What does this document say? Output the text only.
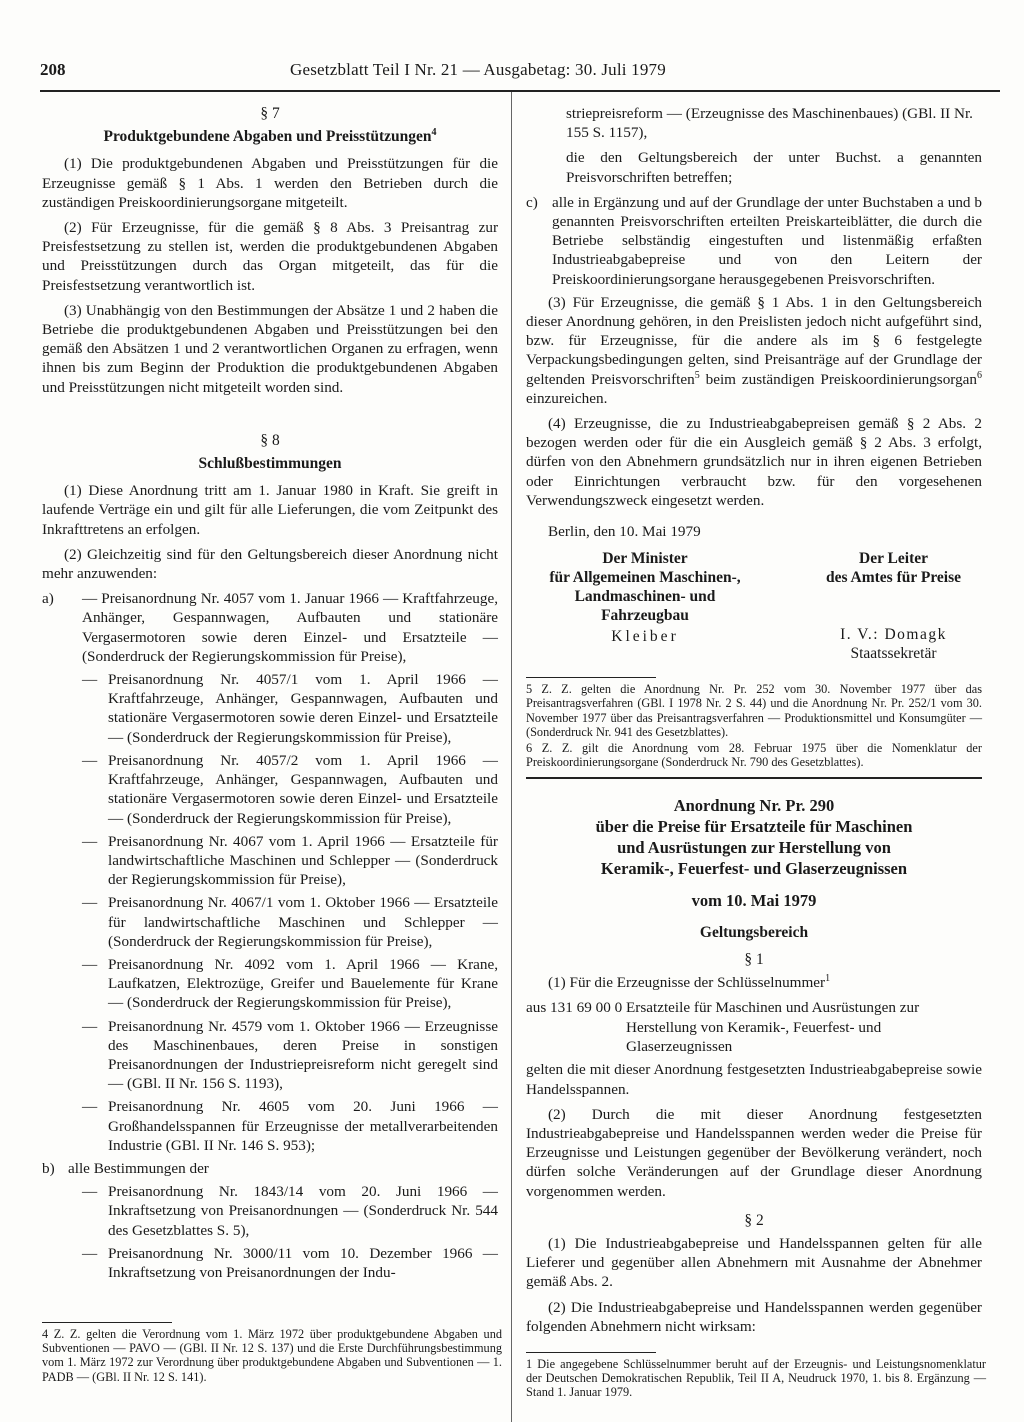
208	Gesetzblatt Teil I Nr. 21 — Ausgabetag: 30. Juli 1979
§ 7
Produktgebundene Abgaben und Preisstützungen$^4$

(1) Die produktgebundenen Abgaben und Preisstützungen für die Erzeugnisse gemäß § 1 Abs. 1 werden den Betrieben durch die zuständigen Preiskoordinierungsorgane mitgeteilt.

(2) Für Erzeugnisse, für die gemäß § 8 Abs. 3 Preisantrag zur Preisfestsetzung zu stellen ist, werden die produktgebundenen Abgaben und Preisstützungen durch das Organ mitgeteilt, das für die Preisfestsetzung verantwortlich ist.

(3) Unabhängig von den Bestimmungen der Absätze 1 und 2 haben die Betriebe die produktgebundenen Abgaben und Preisstützungen bei den gemäß den Absätzen 1 und 2 verantwortlichen Organen zu erfragen, wenn ihnen bis zum Beginn der Produktion die produktgebundenen Abgaben und Preisstützungen nicht mitgeteilt worden sind.

§ 8
Schlußbestimmungen

(1) Diese Anordnung tritt am 1. Januar 1980 in Kraft. Sie greift in laufende Verträge ein und gilt für alle Lieferungen, die vom Zeitpunkt des Inkrafttretens an erfolgen.

(2) Gleichzeitig sind für den Geltungsbereich dieser Anordnung nicht mehr anzuwenden:

a)	— Preisanordnung Nr. 4057 vom 1. Januar 1966 — Kraftfahrzeuge, Anhänger, Gespannwagen, Aufbauten und stationäre Vergasermotoren sowie deren Einzel- und Ersatzteile — (Sonderdruck der Regierungskommission für Preise),
— Preisanordnung Nr. 4057/1 vom 1. April 1966 — Kraftfahrzeuge, Anhänger, Gespannwagen, Aufbauten und stationäre Vergasermotoren sowie deren Einzel- und Ersatzteile — (Sonderdruck der Regierungskommission für Preise),
— Preisanordnung Nr. 4057/2 vom 1. April 1966 — Kraftfahrzeuge, Anhänger, Gespannwagen, Aufbauten und stationäre Vergasermotoren sowie deren Einzel- und Ersatzteile — (Sonderdruck der Regierungskommission für Preise),
— Preisanordnung Nr. 4067 vom 1. April 1966 — Ersatzteile für landwirtschaftliche Maschinen und Schlepper — (Sonderdruck der Regierungskommission für Preise),
— Preisanordnung Nr. 4067/1 vom 1. Oktober 1966 — Ersatzteile für landwirtschaftliche Maschinen und Schlepper — (Sonderdruck der Regierungskommission für Preise),
— Preisanordnung Nr. 4092 vom 1. April 1966 — Krane, Laufkatzen, Elektrozüge, Greifer und Bauelemente für Krane — (Sonderdruck der Regierungskommission für Preise),
— Preisanordnung Nr. 4579 vom 1. Oktober 1966 — Erzeugnisse des Maschinenbaues, deren Preise in sonstigen Preisanordnungen der Industriepreisreform nicht geregelt sind — (GBl. II Nr. 156 S. 1193),
— Preisanordnung Nr. 4605 vom 20. Juni 1966 — Großhandelsspannen für Erzeugnisse der metallverarbeitenden Industrie (GBl. II Nr. 146 S. 953);
b) alle Bestimmungen der
— Preisanordnung Nr. 1843/14 vom 20. Juni 1966 — Inkraftsetzung von Preisanordnungen — (Sonderdruck Nr. 544 des Gesetzblattes S. 5),
— Preisanordnung Nr. 3000/11 vom 10. Dezember 1966 — Inkraftsetzung von Preisanordnungen der Indu-

4 Z. Z. gelten die Verordnung vom 1. März 1972 über produktgebundene Abgaben und Subventionen — PAVO — (GBl. II Nr. 12 S. 137) und die Erste Durchführungsbestimmung vom 1. März 1972 zur Verordnung über produktgebundene Abgaben und Subventionen — 1. PADB — (GBl. II Nr. 12 S. 141).

striepreisreform — (Erzeugnisse des Maschinenbaues) (GBl. II Nr. 155 S. 1157),

die den Geltungsbereich der unter Buchst. a genannten Preisvorschriften betreffen;

c) alle in Ergänzung und auf der Grundlage der unter Buchstaben a und b genannten Preisvorschriften erteilten Preiskarteiblätter, die durch die Betriebe selbständig eingestuften und listenmäßig erfaßten Industrieabgabepreise und von den Leitern der Preiskoordinierungsorgane herausgegebenen Preisvorschriften.

(3) Für Erzeugnisse, die gemäß § 1 Abs. 1 in den Geltungsbereich dieser Anordnung gehören, in den Preislisten jedoch nicht aufgeführt sind, bzw. für Erzeugnisse, für die andere als im § 6 festgelegte Verpackungsbedingungen gelten, sind Preisanträge auf der Grundlage der geltenden Preisvorschriften$^5$ beim zuständigen Preiskoordinierungsorgan$^6$ einzureichen.

(4) Erzeugnisse, die zu Industrieabgabepreisen gemäß § 2 Abs. 2 bezogen werden oder für die ein Ausgleich gemäß § 2 Abs. 3 erfolgt, dürfen von den Abnehmern grundsätzlich nur in ihren eigenen Betrieben oder Einrichtungen verbraucht bzw. für den vorgesehenen Verwendungszweck eingesetzt werden.

Berlin, den 10. Mai 1979

Der Minister
für Allgemeinen Maschinen-,
Landmaschinen- und
Fahrzeugbau
Kleiber
Der Leiter
des Amtes für Preise
I. V.: Domagk
Staatssekretär

5 Z. Z. gelten die Anordnung Nr. Pr. 252 vom 30. November 1977 über das Preisantragsverfahren (GBl. I 1978 Nr. 2 S. 44) und die Anordnung Nr. Pr. 252/1 vom 30. November 1977 über das Preisantragsverfahren — Produktionsmittel und Konsumgüter — (Sonderdruck Nr. 941 des Gesetzblattes).

6 Z. Z. gilt die Anordnung vom 28. Februar 1975 über die Nomenklatur der Preiskoordinierungsorgane (Sonderdruck Nr. 790 des Gesetzblattes).

Anordnung Nr. Pr. 290
über die Preise für Ersatzteile für Maschinen
und Ausrüstungen zur Herstellung von
Keramik-, Feuerfest- und Glaserzeugnissen
vom 10. Mai 1979
Geltungsbereich
§ 1

(1) Für die Erzeugnisse der Schlüsselnummer$^1$

aus 131 69 00 0 Ersatzteile für Maschinen und Ausrüstungen zur Herstellung von Keramik-, Feuerfest- und Glaserzeugnissen

gelten die mit dieser Anordnung festgesetzten Industrieabgabepreise sowie Handelsspannen.

(2) Durch die mit dieser Anordnung festgesetzten Industrieabgabepreise und Handelsspannen werden weder die Preise für Erzeugnisse und Leistungen gegenüber der Bevölkerung verändert, noch dürfen solche Veränderungen auf der Grundlage dieser Anordnung vorgenommen werden.

§ 2

(1) Die Industrieabgabepreise und Handelsspannen gelten für alle Lieferer und gegenüber allen Abnehmern mit Ausnahme der Abnehmer gemäß Abs. 2.

(2) Die Industrieabgabepreise und Handelsspannen werden gegenüber folgenden Abnehmern nicht wirksam:

1 Die angegebene Schlüsselnummer beruht auf der Erzeugnis- und Leistungsnomenklatur der Deutschen Demokratischen Republik, Teil II A, Neudruck 1970, 1. bis 8. Ergänzung — Stand 1. Januar 1979.
